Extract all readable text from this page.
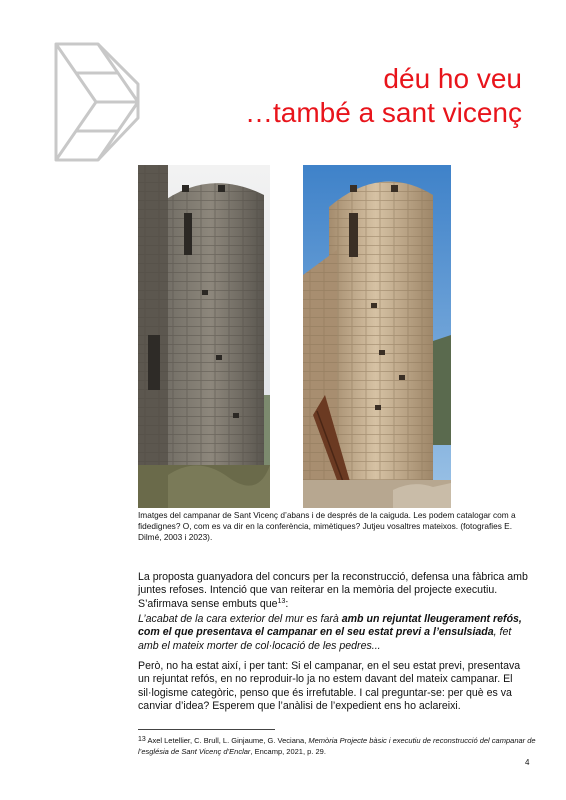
déu ho veu
…també a sant vicenç
Imatges del campanar de Sant Vicenç d’abans i de després de la caiguda. Les podem catalogar com a fidedignes? O, com es va dir en la conferència, mimètiques? Jutjeu vosaltres mateixos. (fotografies E. Dilmé, 2003 i 2023).
La proposta guanyadora del concurs per la reconstrucció, defensa una fàbrica amb juntes refoses. Intenció que van reiterar en la memòria del projecte executiu. S’afirmava sense embuts que$^{13}$:
L’acabat de la cara exterior del mur es farà amb un rejuntat lleugerament refós, com el que presentava el campanar en el seu estat previ a l’ensulsiada, fet amb el mateix morter de col·locació de les pedres...
Però, no ha estat així, i per tant: Si el campanar, en el seu estat previ, presentava un rejuntat refós, en no reproduir-lo ja no estem davant del mateix campanar. El sil·logisme categòric, penso que és irrefutable. I cal preguntar-se: per què es va canviar d’idea? Esperem que l’anàlisi de l’expedient ens ho aclareixi.
$^{13}$ Axel Letellier, C. Brull, L. Ginjaume, G. Veciana, Memòria Projecte bàsic i executiu de reconstrucció del campanar de l’església de Sant Vicenç d’Enclar, Encamp, 2021, p. 29.
4
